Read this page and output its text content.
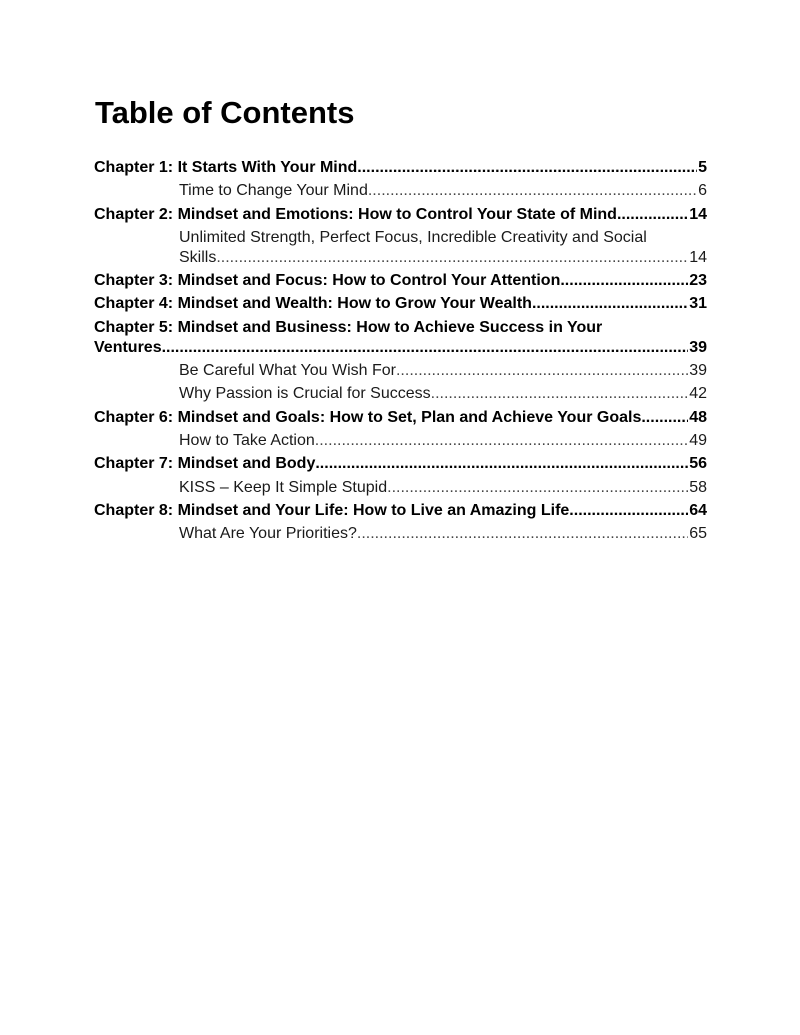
Table of Contents
Chapter 1: It Starts With Your Mind .....	5
Time to Change Your Mind .....	6
Chapter 2: Mindset and Emotions: How to Control Your State of Mind .....	14
Unlimited Strength, Perfect Focus, Incredible Creativity and Social
Skills .....	14
Chapter 3: Mindset and Focus: How to Control Your Attention .....	23
Chapter 4: Mindset and Wealth: How to Grow Your Wealth .....	31
Chapter 5: Mindset and Business: How to Achieve Success in Your
Ventures .....	39
Be Careful What You Wish For .....	39
Why Passion is Crucial for Success .....	42
Chapter 6: Mindset and Goals: How to Set, Plan and Achieve Your Goals .....	48
How to Take Action .....	49
Chapter 7: Mindset and Body .....	56
KISS – Keep It Simple Stupid .....	58
Chapter 8: Mindset and Your Life: How to Live an Amazing Life .....	64
What Are Your Priorities? .....	65
